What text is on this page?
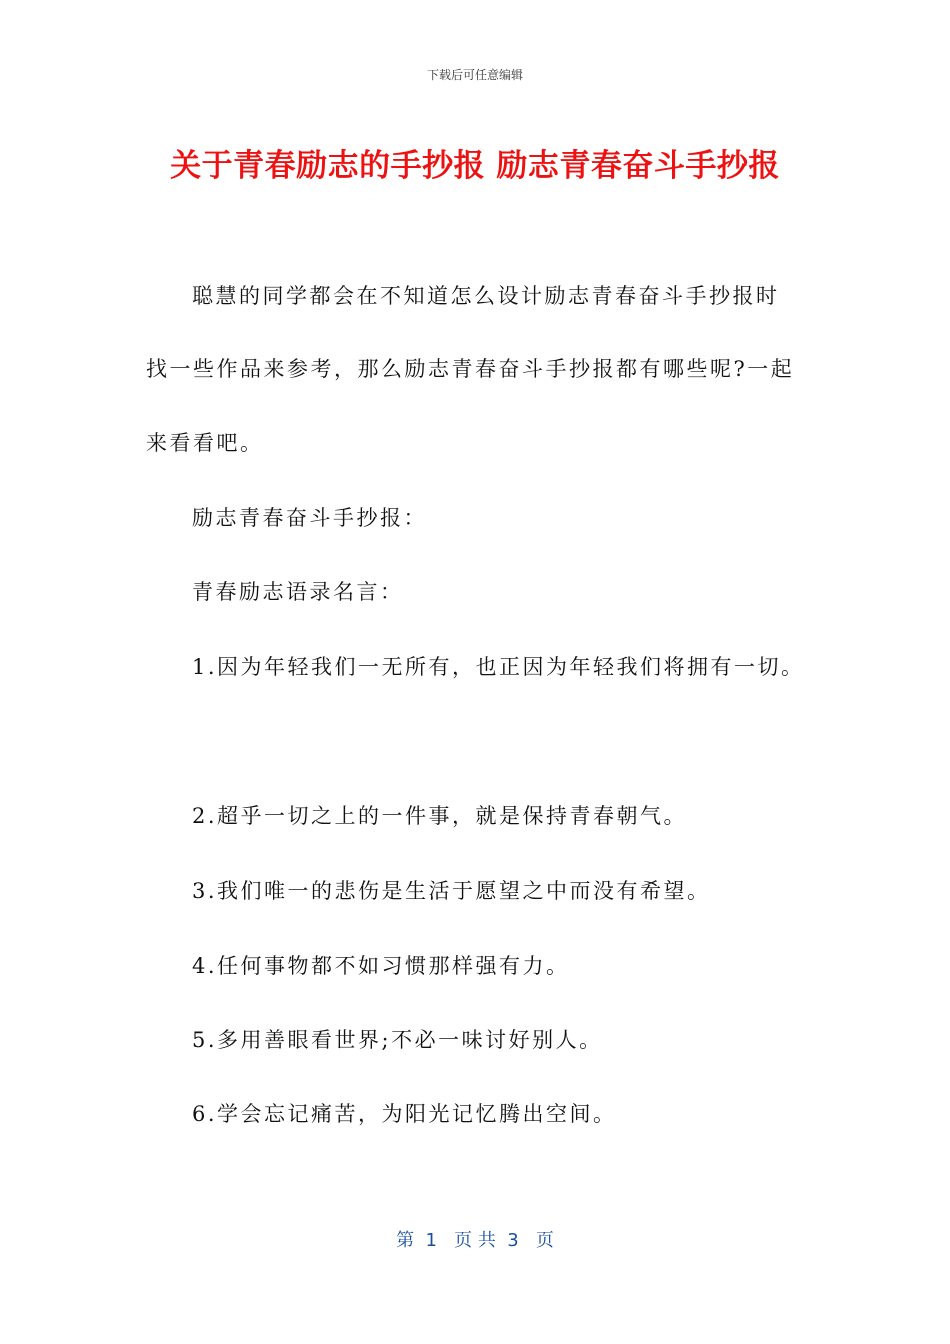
下载后可任意编辑
关于青春励志的手抄报 励志青春奋斗手抄报
聪慧的同学都会在不知道怎么设计励志青春奋斗手抄报时
找一些作品来参考，那么励志青春奋斗手抄报都有哪些呢?一起
来看看吧。
励志青春奋斗手抄报：
青春励志语录名言：
1.因为年轻我们一无所有，也正因为年轻我们将拥有一切。
2.超乎一切之上的一件事，就是保持青春朝气。
3.我们唯一的悲伤是生活于愿望之中而没有希望。
4.任何事物都不如习惯那样强有力。
5.多用善眼看世界;不必一味讨好别人。
6.学会忘记痛苦，为阳光记忆腾出空间。
第  1   页 共  3   页
